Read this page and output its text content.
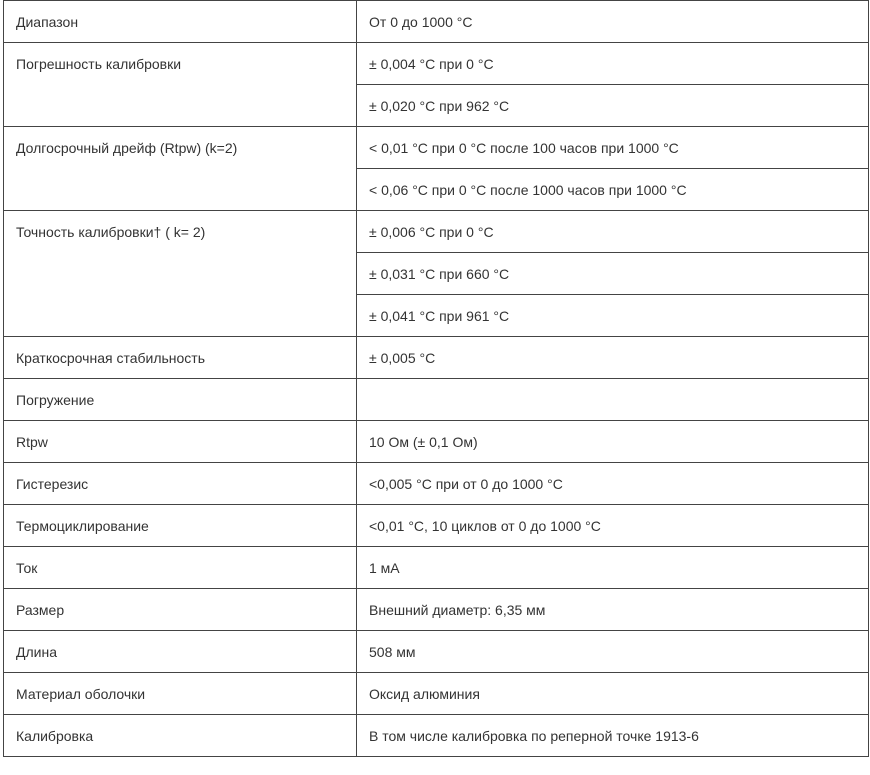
Диапазон	От 0 до 1000 °C
Погрешность калибровки	± 0,004 °C при 0 °C
	± 0,020 °C при 962 °C
Долгосрочный дрейф (Rtpw) (k=2)	< 0,01 °C при 0 °C после 100 часов при 1000 °C
	< 0,06 °C при 0 °C после 1000 часов при 1000 °C
Точность калибровки† ( k= 2)	± 0,006 °C при 0 °C
	± 0,031 °C при 660 °C
	± 0,041 °C при 961 °C
Краткосрочная стабильность	± 0,005 °C
Погружение	
Rtpw	10 Ом (± 0,1 Ом)
Гистерезис	<0,005 °C при от 0 до 1000 °C
Термоциклирование	<0,01 °C, 10 циклов от 0 до 1000 °C
Ток	1 мА
Размер	Внешний диаметр: 6,35 мм
Длина	508 мм
Материал оболочки	Оксид алюминия
Калибровка	В том числе калибровка по реперной точке 1913-6
